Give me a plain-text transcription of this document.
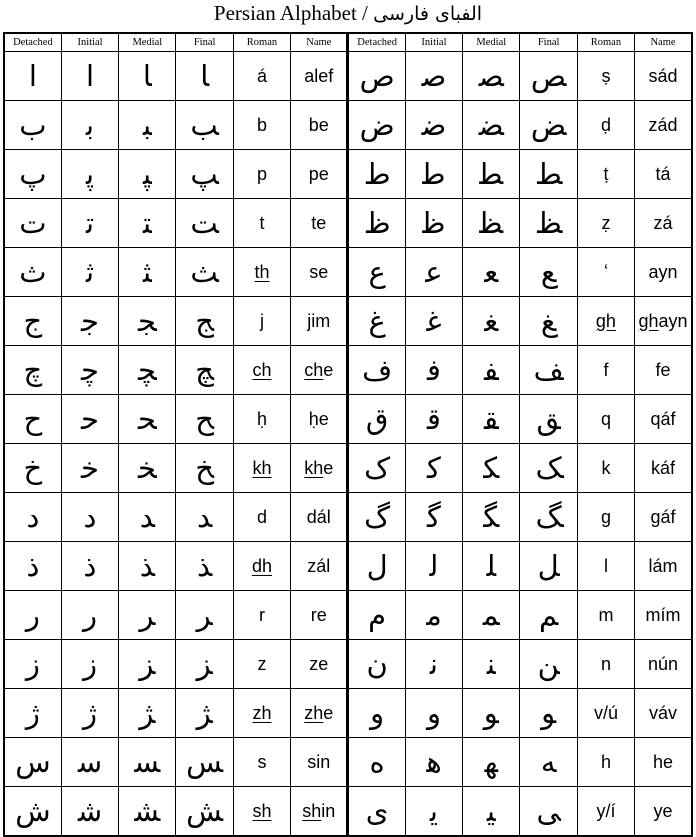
Persian Alphabet / الفبای فارسی
Detached	Initial	Medial	Final	Roman	Name	Detached	Initial	Medial	Final	Roman	Name
ا	ا	‍ا	‍ا	á	alef	ص	ص‍	‍ص‍	‍ص	ṣ	sád
ب	ب‍	‍ب‍	‍ب	b	be	ض	ض‍	‍ض‍	‍ض	ḍ	zád
پ	پ‍	‍پ‍	‍پ	p	pe	ط	ط‍	‍ط‍	‍ط	ṭ	tá
ت	ت‍	‍ت‍	‍ت	t	te	ظ	ظ‍	‍ظ‍	‍ظ	ẓ	zá
ث	ث‍	‍ث‍	‍ث	th	se	ع	ع‍	‍ع‍	‍ع	ʻ	ayn
ج	ج‍	‍ج‍	‍ج	j	jim	غ	غ‍	‍غ‍	‍غ	gh	ghayn
چ	چ‍	‍چ‍	‍چ	ch	che	ف	ف‍	‍ف‍	‍ف	f	fe
ح	ح‍	‍ح‍	‍ح	ḥ	ḥe	ق	ق‍	‍ق‍	‍ق	q	qáf
خ	خ‍	‍خ‍	‍خ	kh	khe	ک	ک‍	‍ک‍	‍ک	k	káf
د	د	‍د	‍د	d	dál	گ	گ‍	‍گ‍	‍گ	g	gáf
ذ	ذ	‍ذ	‍ذ	dh	zál	ل	ل‍	‍ل‍	‍ل	l	lám
ر	ر	‍ر	‍ر	r	re	م	م‍	‍م‍	‍م	m	mím
ز	ز	‍ز	‍ز	z	ze	ن	ن‍	‍ن‍	‍ن	n	nún
ژ	ژ	‍ژ	‍ژ	zh	zhe	و	و	‍و	‍و	v/ú	váv
س	س‍	‍س‍	‍س	s	sin	ه	ه‍	‍ه‍	‍ه	h	he
ش	ش‍	‍ش‍	‍ش	sh	shin	ی	ی‍	‍ی‍	‍ی	y/í	ye
